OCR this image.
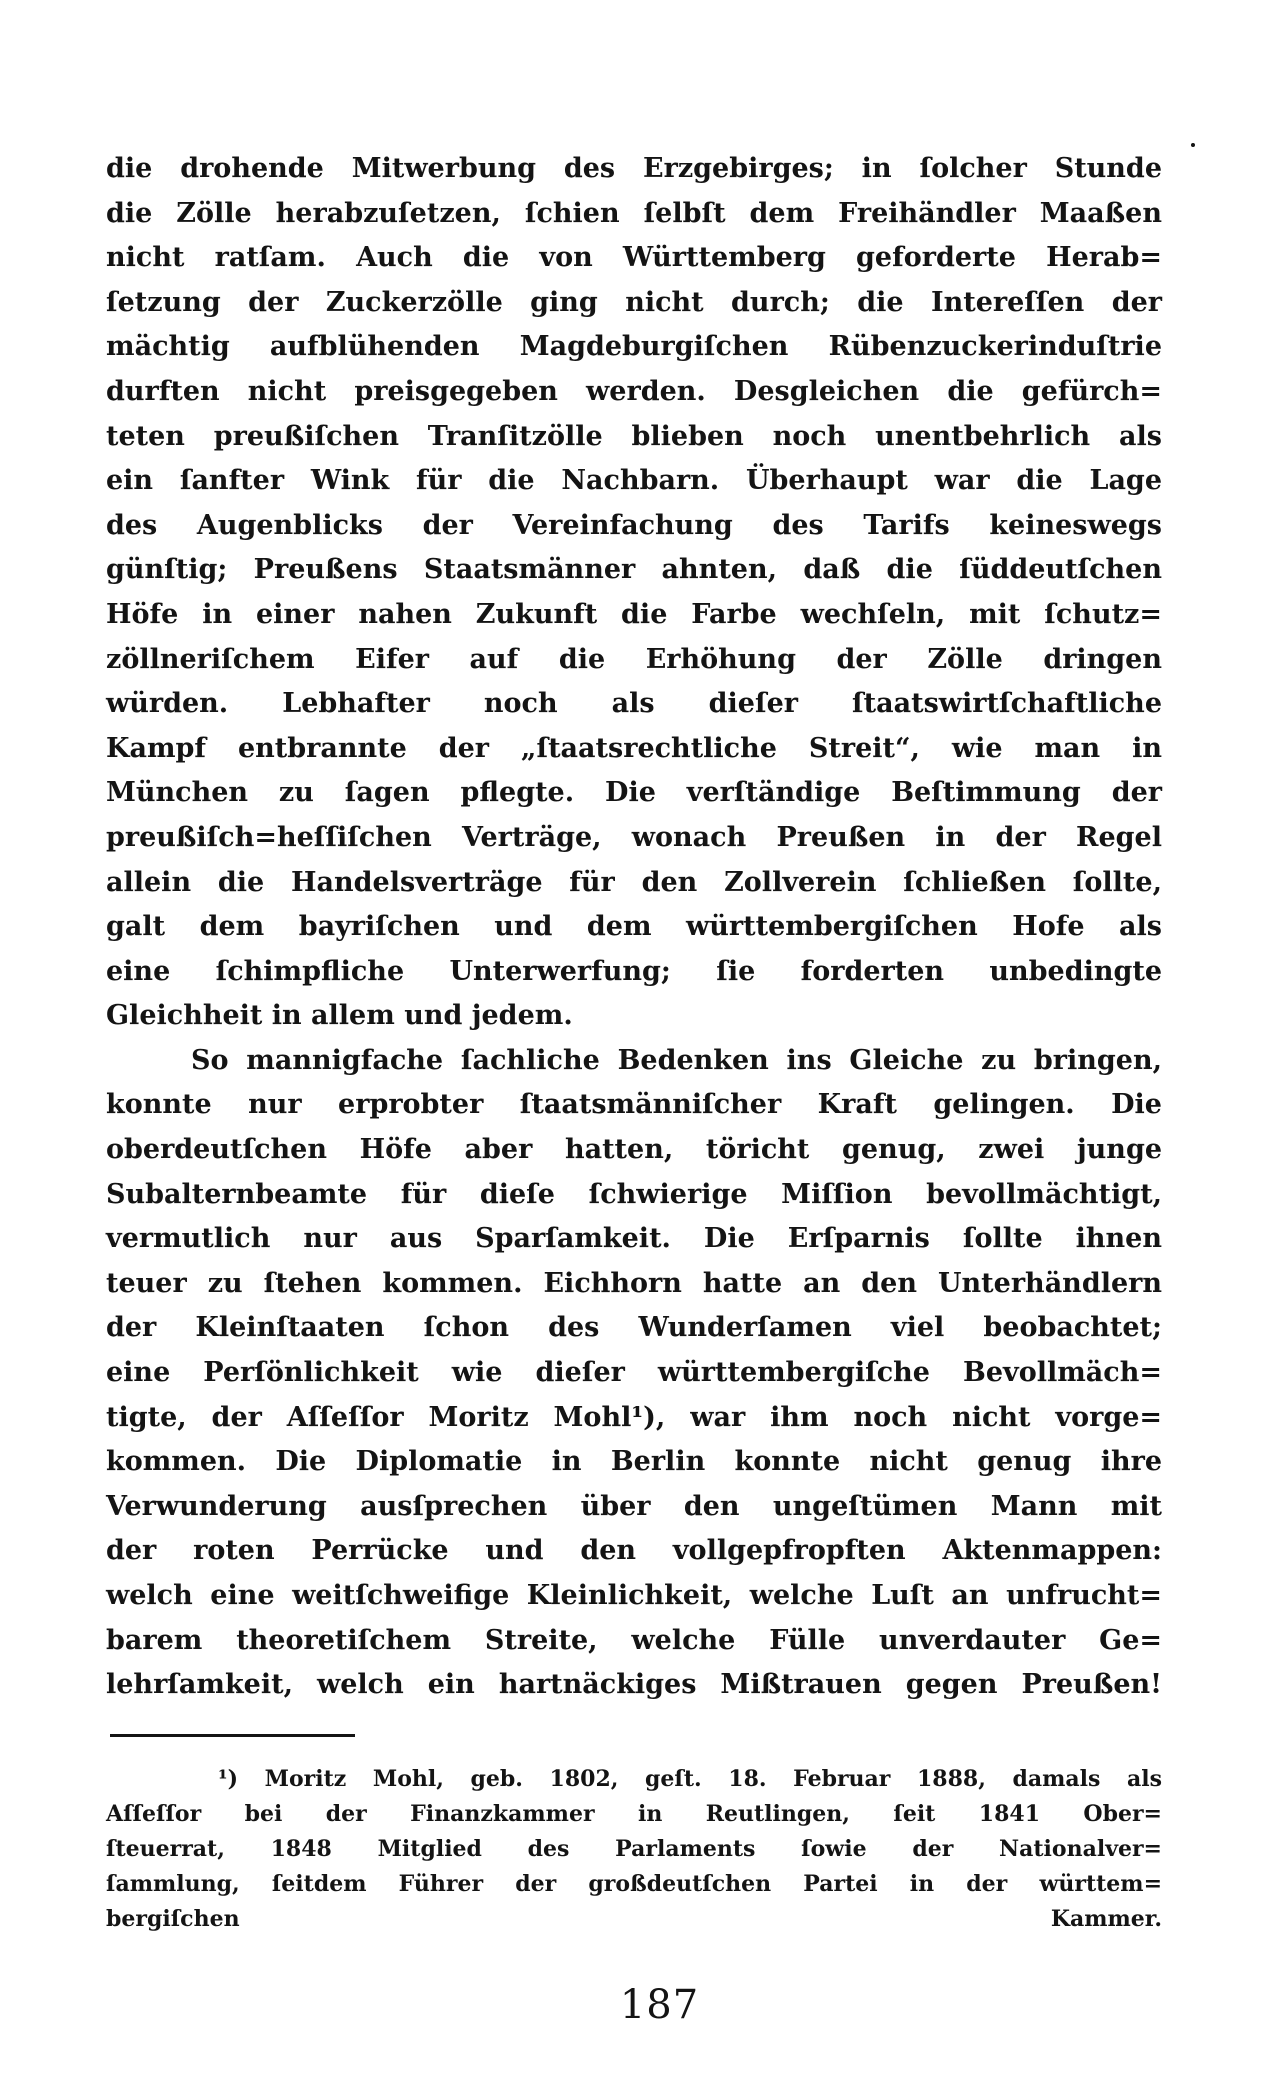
die drohende Mitwerbung des Erzgebirges; in ſolcher Stunde
die Zölle herabzuſetzen, ſchien ſelbſt dem Freihändler Maaßen
nicht ratſam. Auch die von Württemberg geforderte Herab=
ſetzung der Zuckerzölle ging nicht durch; die Intereſſen der
mächtig aufblühenden Magdeburgiſchen Rübenzuckerinduſtrie
durften nicht preisgegeben werden. Desgleichen die gefürch=
teten preußiſchen Tranſitzölle blieben noch unentbehrlich als
ein ſanfter Wink für die Nachbarn. Überhaupt war die Lage
des Augenblicks der Vereinfachung des Tarifs keineswegs
günſtig; Preußens Staatsmänner ahnten, daß die ſüddeutſchen
Höfe in einer nahen Zukunft die Farbe wechſeln, mit ſchutz=
zöllneriſchem Eifer auf die Erhöhung der Zölle dringen
würden. Lebhafter noch als dieſer ſtaatswirtſchaftliche
Kampf entbrannte der „ſtaatsrechtliche Streit“, wie man in
München zu ſagen pflegte. Die verſtändige Beſtimmung der
preußiſch=heſſiſchen Verträge, wonach Preußen in der Regel
allein die Handelsverträge für den Zollverein ſchließen ſollte,
galt dem bayriſchen und dem württembergiſchen Hofe als
eine ſchimpfliche Unterwerfung; ſie forderten unbedingte
Gleichheit in allem und jedem.
So mannigfache ſachliche Bedenken ins Gleiche zu bringen,
konnte nur erprobter ſtaatsmänniſcher Kraft gelingen. Die
oberdeutſchen Höfe aber hatten, töricht genug, zwei junge
Subalternbeamte für dieſe ſchwierige Miſſion bevollmächtigt,
vermutlich nur aus Sparſamkeit. Die Erſparnis ſollte ihnen
teuer zu ſtehen kommen. Eichhorn hatte an den Unterhändlern
der Kleinſtaaten ſchon des Wunderſamen viel beobachtet;
eine Perſönlichkeit wie dieſer württembergiſche Bevollmäch=
tigte, der Aſſeſſor Moritz Mohl¹), war ihm noch nicht vorge=
kommen. Die Diplomatie in Berlin konnte nicht genug ihre
Verwunderung ausſprechen über den ungeſtümen Mann mit
der roten Perrücke und den vollgepfropften Aktenmappen:
welch eine weitſchweifige Kleinlichkeit, welche Luſt an unfrucht=
barem theoretiſchem Streite, welche Fülle unverdauter Ge=
lehrſamkeit, welch ein hartnäckiges Mißtrauen gegen Preußen!
¹) Moritz Mohl, geb. 1802, geſt. 18. Februar 1888, damals als
Aſſeſſor bei der Finanzkammer in Reutlingen, ſeit 1841 Ober=
ſteuerrat, 1848 Mitglied des Parlaments ſowie der Nationalver=
ſammlung, ſeitdem Führer der großdeutſchen Partei in der württem=
bergiſchen Kammer.
187
